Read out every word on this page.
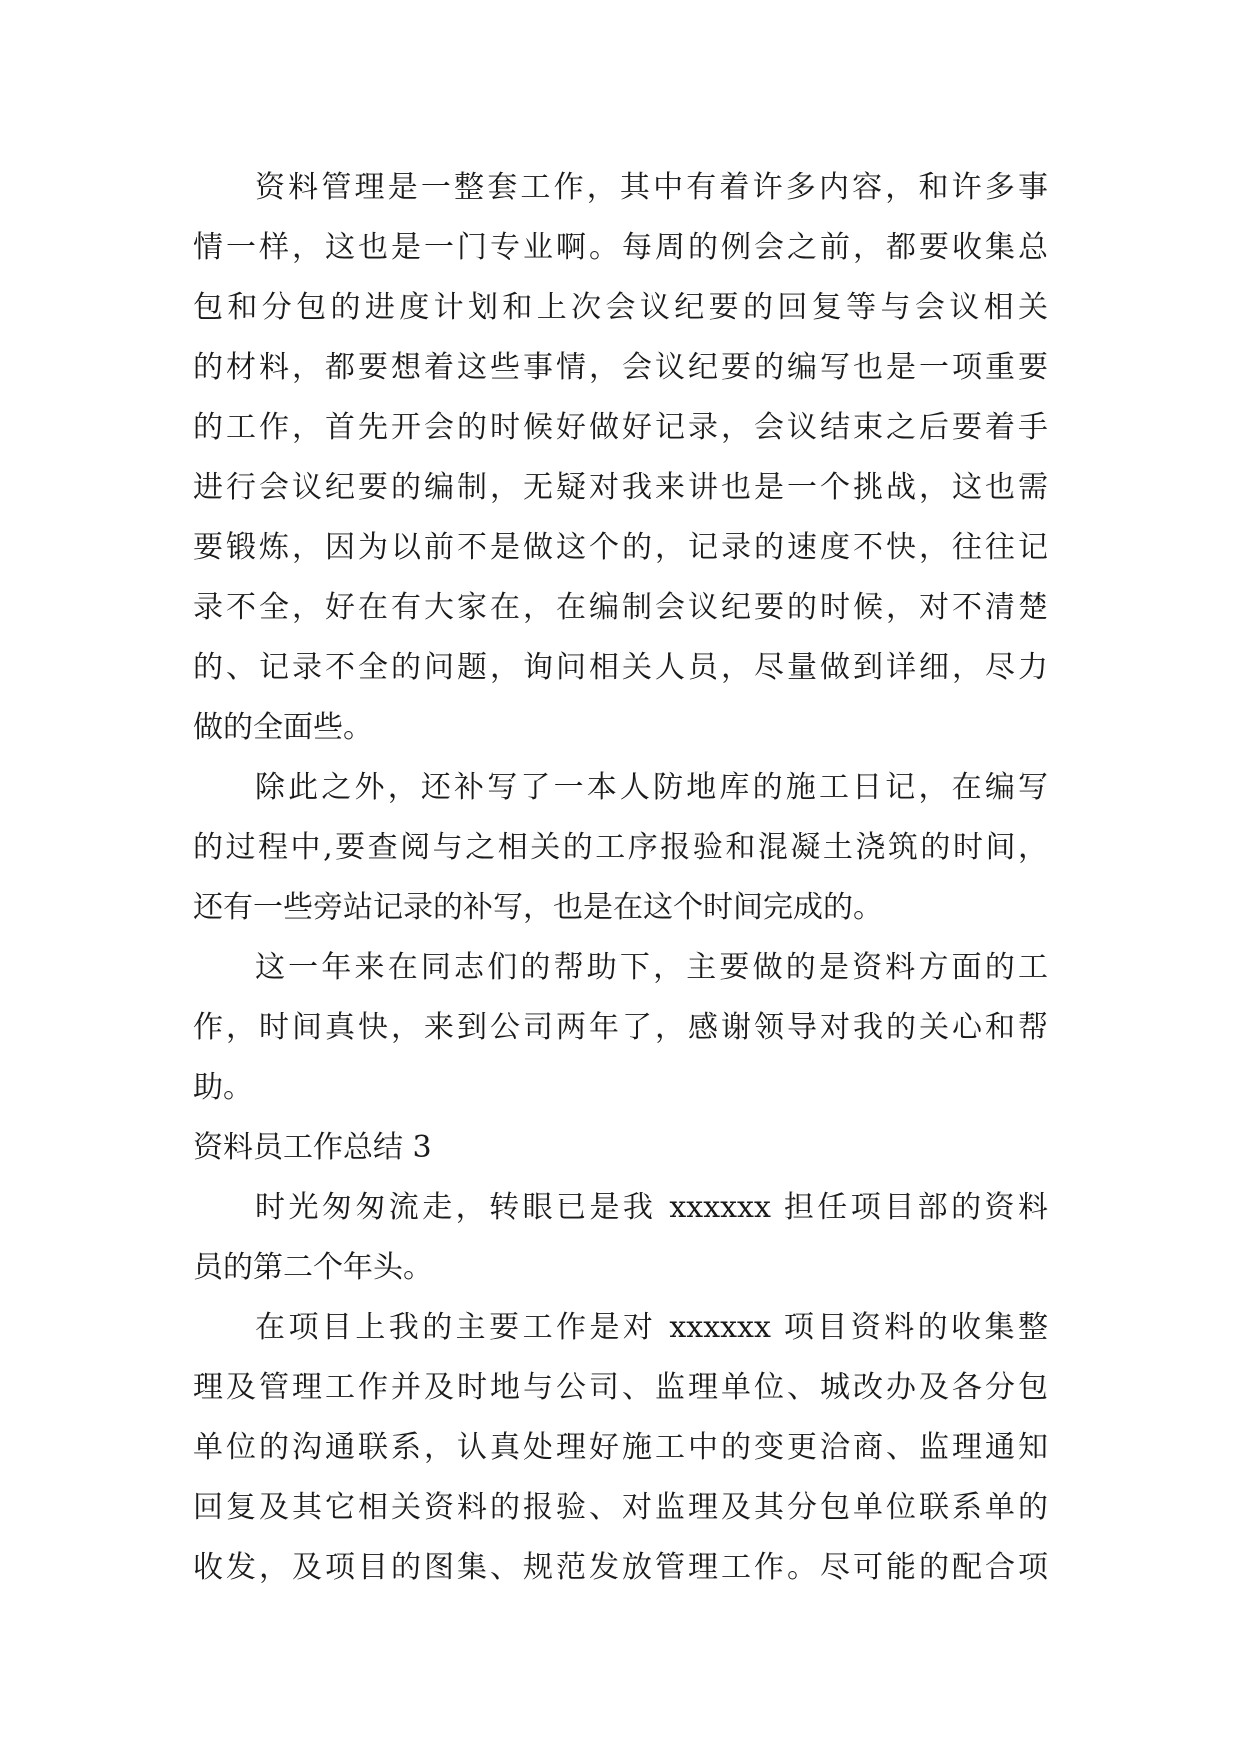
资料管理是一整套工作，其中有着许多内容，和许多事
情一样，这也是一门专业啊。每周的例会之前，都要收集总
包和分包的进度计划和上次会议纪要的回复等与会议相关
的材料，都要想着这些事情，会议纪要的编写也是一项重要
的工作，首先开会的时候好做好记录，会议结束之后要着手
进行会议纪要的编制，无疑对我来讲也是一个挑战，这也需
要锻炼，因为以前不是做这个的，记录的速度不快，往往记
录不全，好在有大家在，在编制会议纪要的时候，对不清楚
的、记录不全的问题，询问相关人员，尽量做到详细，尽力
做的全面些。
除此之外，还补写了一本人防地库的施工日记，在编写
的过程中,要查阅与之相关的工序报验和混凝土浇筑的时间，
还有一些旁站记录的补写，也是在这个时间完成的。
这一年来在同志们的帮助下，主要做的是资料方面的工
作，时间真快，来到公司两年了，感谢领导对我的关心和帮
助。
资料员工作总结 3
时光匆匆流走，转眼已是我 xxxxxx 担任项目部的资料
员的第二个年头。
在项目上我的主要工作是对 xxxxxx 项目资料的收集整
理及管理工作并及时地与公司、监理单位、城改办及各分包
单位的沟通联系，认真处理好施工中的变更洽商、监理通知
回复及其它相关资料的报验、对监理及其分包单位联系单的
收发，及项目的图集、规范发放管理工作。尽可能的配合项
